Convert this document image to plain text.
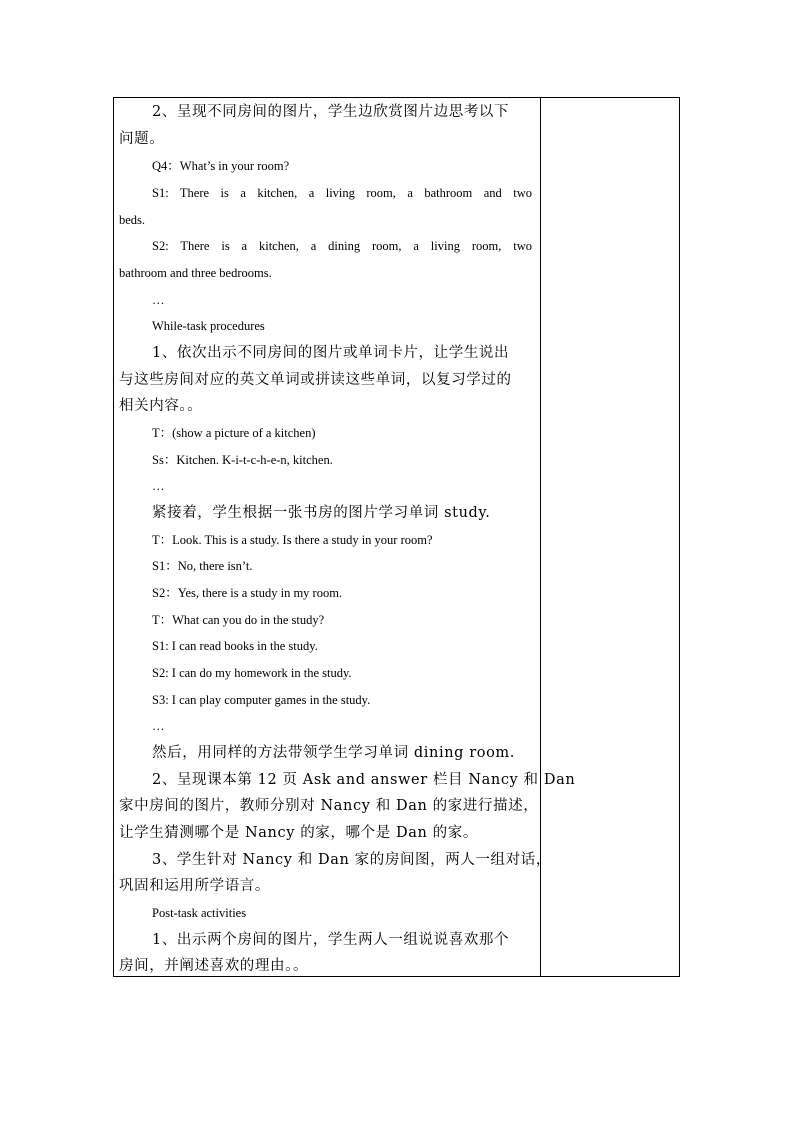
2、呈现不同房间的图片，学生边欣赏图片边思考以下
问题。
Q4：What’s in your room?
S1: There is a kitchen, a living room, a bathroom and two
beds.
S2: There is a kitchen, a dining room, a living room, two
bathroom and three bedrooms.
…
While-task procedures
1、依次出示不同房间的图片或单词卡片，让学生说出
与这些房间对应的英文单词或拼读这些单词，以复习学过的
相关内容。。
T：(show a picture of a kitchen)
Ss：Kitchen. K-i-t-c-h-e-n, kitchen.
…
紧接着，学生根据一张书房的图片学习单词 study.
T：Look. This is a study. Is there a study in your room?
S1：No, there isn’t.
S2：Yes, there is a study in my room.
T：What can you do in the study?
S1: I can read books in the study.
S2: I can do my homework in the study.
S3: I can play computer games in the study.
…
然后，用同样的方法带领学生学习单词 dining room.
2、呈现课本第 12 页 Ask and answer 栏目 Nancy 和 Dan
家中房间的图片，教师分别对 Nancy 和 Dan 的家进行描述，
让学生猜测哪个是 Nancy 的家，哪个是 Dan 的家。
3、学生针对 Nancy 和 Dan 家的房间图，两人一组对话，
巩固和运用所学语言。
Post-task activities
1、出示两个房间的图片，学生两人一组说说喜欢那个
房间，并阐述喜欢的理由。。
